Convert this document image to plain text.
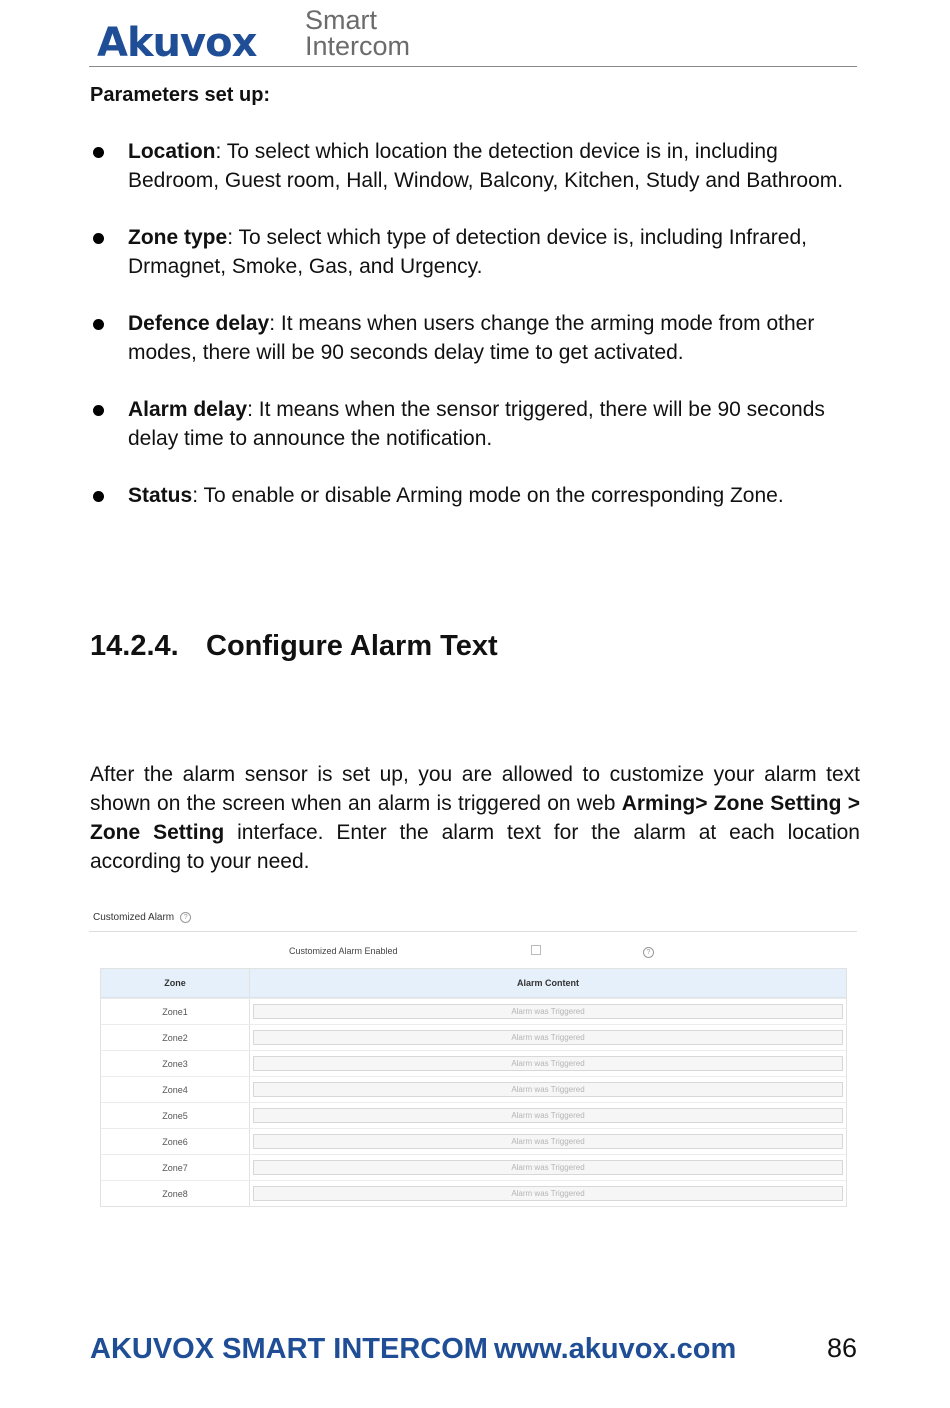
Akuvox Smart
Intercom
Parameters set up:
Location: To select which location the detection device is in, including Bedroom, Guest room, Hall, Window, Balcony, Kitchen, Study and Bathroom.
Zone type: To select which type of detection device is, including Infrared, Drmagnet, Smoke, Gas, and Urgency.
Defence delay: It means when users change the arming mode from other modes, there will be 90 seconds delay time to get activated.
Alarm delay: It means when the sensor triggered, there will be 90 seconds delay time to announce the notification.
Status: To enable or disable Arming mode on the corresponding Zone.
14.2.4. Configure Alarm Text
After the alarm sensor is set up, you are allowed to customize your alarm text shown on the screen when an alarm is triggered on web Arming> Zone Setting > Zone Setting interface. Enter the alarm text for the alarm at each location according to your need.
Customized Alarm ?
Customized Alarm Enabled	?
Zone	Alarm Content
Zone1	Alarm was Triggered
Zone2	Alarm was Triggered
Zone3	Alarm was Triggered
Zone4	Alarm was Triggered
Zone5	Alarm was Triggered
Zone6	Alarm was Triggered
Zone7	Alarm was Triggered
Zone8	Alarm was Triggered
AKUVOX SMART INTERCOM www.akuvox.com	86
